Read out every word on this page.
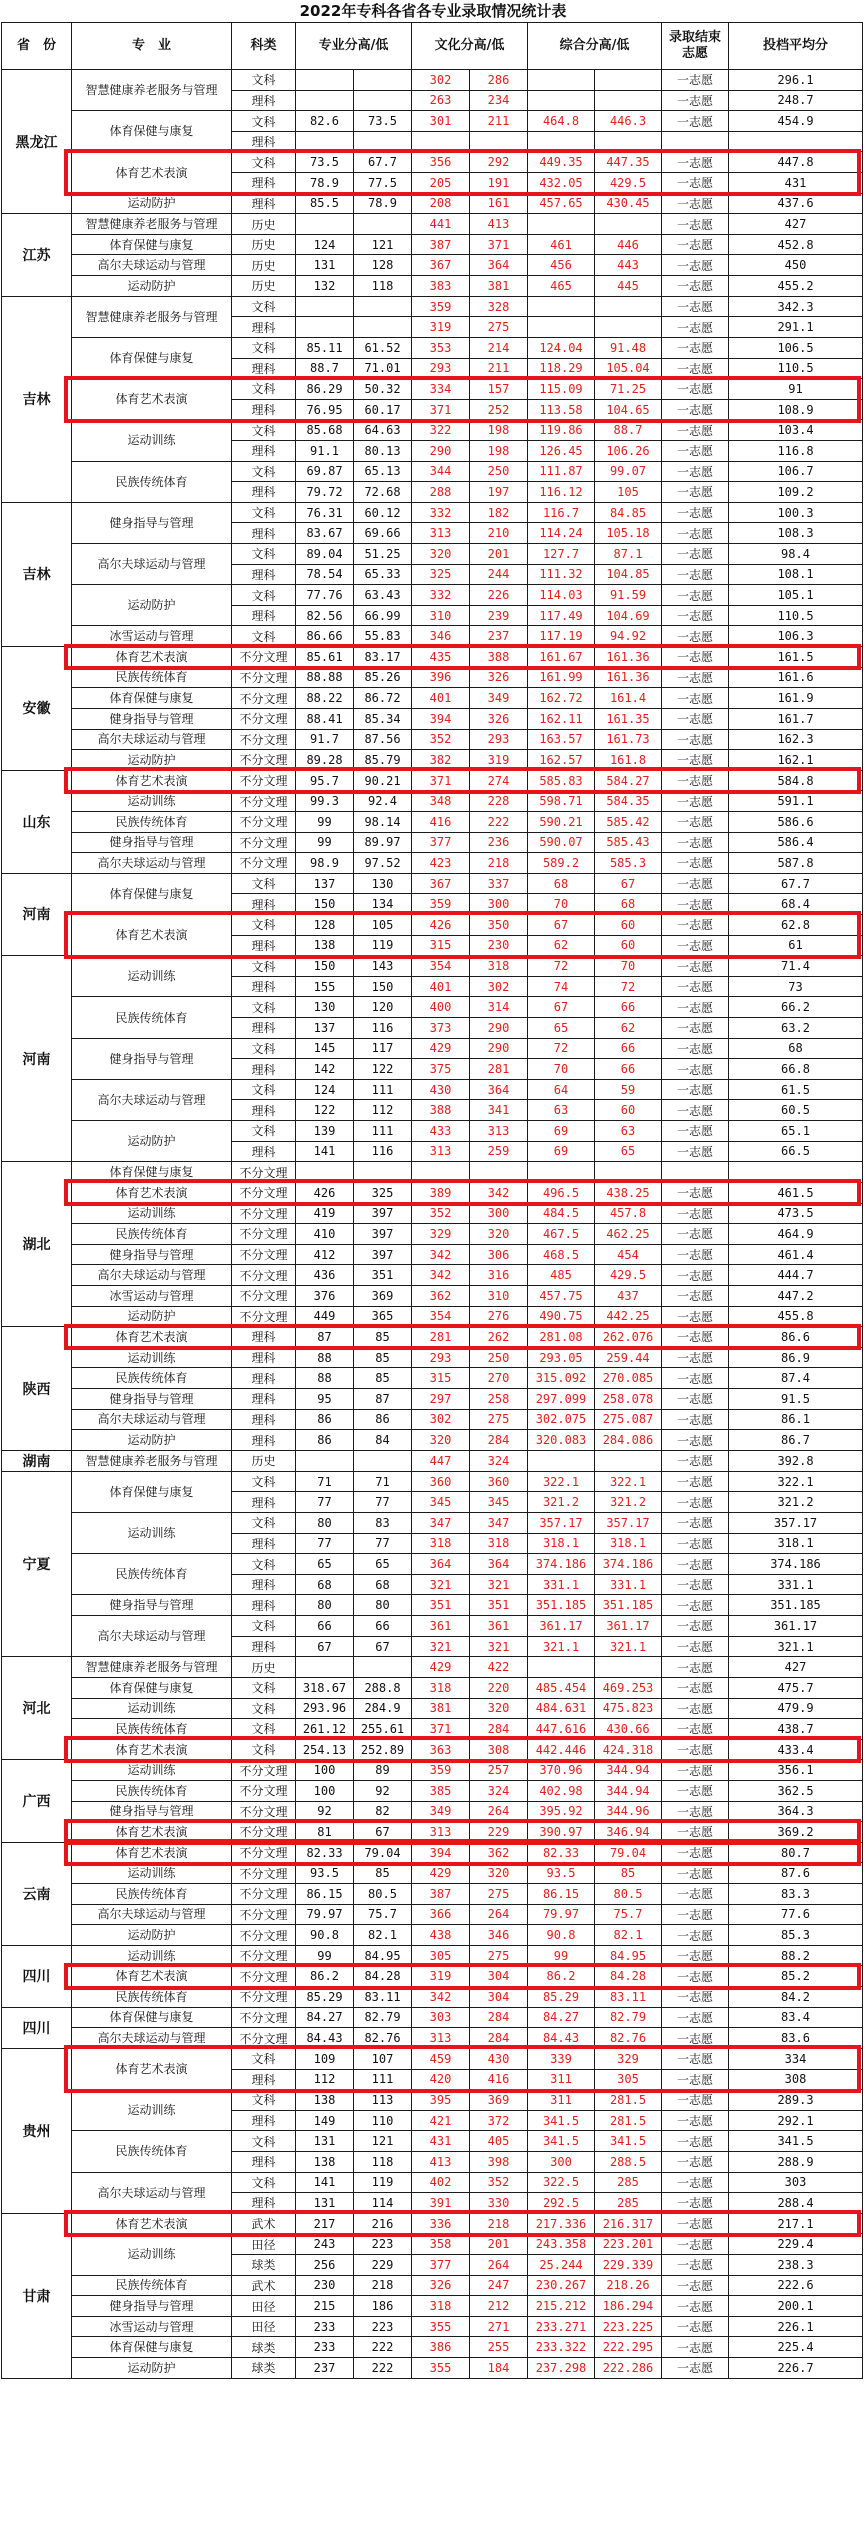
2022年专科各省各专业录取情况统计表
省　份	专　业	科类	专业分高/低		文化分高/低		综合分高/低		录取结束志愿	投档平均分
黑龙江	智慧健康养老服务与管理	文科			302	286			一志愿	296.1
		理科			263	234			一志愿	248.7
	体育保健与康复	文科	82.6	73.5	301	211	464.8	446.3	一志愿	454.9
		理科								
	体育艺术表演	文科	73.5	67.7	356	292	449.35	447.35	一志愿	447.8
		理科	78.9	77.5	205	191	432.05	429.5	一志愿	431
	运动防护	理科	85.5	78.9	208	161	457.65	430.45	一志愿	437.6
江苏	智慧健康养老服务与管理	历史			441	413			一志愿	427
	体育保健与康复	历史	124	121	387	371	461	446	一志愿	452.8
	高尔夫球运动与管理	历史	131	128	367	364	456	443	一志愿	450
	运动防护	历史	132	118	383	381	465	445	一志愿	455.2
吉林	智慧健康养老服务与管理	文科			359	328			一志愿	342.3
		理科			319	275			一志愿	291.1
	体育保健与康复	文科	85.11	61.52	353	214	124.04	91.48	一志愿	106.5
		理科	88.7	71.01	293	211	118.29	105.04	一志愿	110.5
	体育艺术表演	文科	86.29	50.32	334	157	115.09	71.25	一志愿	91
		理科	76.95	60.17	371	252	113.58	104.65	一志愿	108.9
	运动训练	文科	85.68	64.63	322	198	119.86	88.7	一志愿	103.4
		理科	91.1	80.13	290	198	126.45	106.26	一志愿	116.8
	民族传统体育	文科	69.87	65.13	344	250	111.87	99.07	一志愿	106.7
		理科	79.72	72.68	288	197	116.12	105	一志愿	109.2
吉林	健身指导与管理	文科	76.31	60.12	332	182	116.7	84.85	一志愿	100.3
		理科	83.67	69.66	313	210	114.24	105.18	一志愿	108.3
	高尔夫球运动与管理	文科	89.04	51.25	320	201	127.7	87.1	一志愿	98.4
		理科	78.54	65.33	325	244	111.32	104.85	一志愿	108.1
	运动防护	文科	77.76	63.43	332	226	114.03	91.59	一志愿	105.1
		理科	82.56	66.99	310	239	117.49	104.69	一志愿	110.5
	冰雪运动与管理	文科	86.66	55.83	346	237	117.19	94.92	一志愿	106.3
安徽	体育艺术表演	不分文理	85.61	83.17	435	388	161.67	161.36	一志愿	161.5
	民族传统体育	不分文理	88.88	85.26	396	326	161.99	161.36	一志愿	161.6
	体育保健与康复	不分文理	88.22	86.72	401	349	162.72	161.4	一志愿	161.9
	健身指导与管理	不分文理	88.41	85.34	394	326	162.11	161.35	一志愿	161.7
	高尔夫球运动与管理	不分文理	91.7	87.56	352	293	163.57	161.73	一志愿	162.3
	运动防护	不分文理	89.28	85.79	382	319	162.57	161.8	一志愿	162.1
山东	体育艺术表演	不分文理	95.7	90.21	371	274	585.83	584.27	一志愿	584.8
	运动训练	不分文理	99.3	92.4	348	228	598.71	584.35	一志愿	591.1
	民族传统体育	不分文理	99	98.14	416	222	590.21	585.42	一志愿	586.6
	健身指导与管理	不分文理	99	89.97	377	236	590.07	585.43	一志愿	586.4
	高尔夫球运动与管理	不分文理	98.9	97.52	423	218	589.2	585.3	一志愿	587.8
河南	体育保健与康复	文科	137	130	367	337	68	67	一志愿	67.7
		理科	150	134	359	300	70	68	一志愿	68.4
	体育艺术表演	文科	128	105	426	350	67	60	一志愿	62.8
		理科	138	119	315	230	62	60	一志愿	61
河南	运动训练	文科	150	143	354	318	72	70	一志愿	71.4
		理科	155	150	401	302	74	72	一志愿	73
	民族传统体育	文科	130	120	400	314	67	66	一志愿	66.2
		理科	137	116	373	290	65	62	一志愿	63.2
	健身指导与管理	文科	145	117	429	290	72	66	一志愿	68
		理科	142	122	375	281	70	66	一志愿	66.8
	高尔夫球运动与管理	文科	124	111	430	364	64	59	一志愿	61.5
		理科	122	112	388	341	63	60	一志愿	60.5
	运动防护	文科	139	111	433	313	69	63	一志愿	65.1
		理科	141	116	313	259	69	65	一志愿	66.5
湖北	体育保健与康复	不分文理								
	体育艺术表演	不分文理	426	325	389	342	496.5	438.25	一志愿	461.5
	运动训练	不分文理	419	397	352	300	484.5	457.8	一志愿	473.5
	民族传统体育	不分文理	410	397	329	320	467.5	462.25	一志愿	464.9
	健身指导与管理	不分文理	412	397	342	306	468.5	454	一志愿	461.4
	高尔夫球运动与管理	不分文理	436	351	342	316	485	429.5	一志愿	444.7
	冰雪运动与管理	不分文理	376	369	362	310	457.75	437	一志愿	447.2
	运动防护	不分文理	449	365	354	276	490.75	442.25	一志愿	455.8
陕西	体育艺术表演	理科	87	85	281	262	281.08	262.076	一志愿	86.6
	运动训练	理科	88	85	293	250	293.05	259.44	一志愿	86.9
	民族传统体育	理科	88	85	315	270	315.092	270.085	一志愿	87.4
	健身指导与管理	理科	95	87	297	258	297.099	258.078	一志愿	91.5
	高尔夫球运动与管理	理科	86	86	302	275	302.075	275.087	一志愿	86.1
	运动防护	理科	86	84	320	284	320.083	284.086	一志愿	86.7
湖南	智慧健康养老服务与管理	历史			447	324			一志愿	392.8
宁夏	体育保健与康复	文科	71	71	360	360	322.1	322.1	一志愿	322.1
		理科	77	77	345	345	321.2	321.2	一志愿	321.2
	运动训练	文科	80	83	347	347	357.17	357.17	一志愿	357.17
		理科	77	77	318	318	318.1	318.1	一志愿	318.1
	民族传统体育	文科	65	65	364	364	374.186	374.186	一志愿	374.186
		理科	68	68	321	321	331.1	331.1	一志愿	331.1
	健身指导与管理	理科	80	80	351	351	351.185	351.185	一志愿	351.185
	高尔夫球运动与管理	文科	66	66	361	361	361.17	361.17	一志愿	361.17
		理科	67	67	321	321	321.1	321.1	一志愿	321.1
河北	智慧健康养老服务与管理	历史			429	422			一志愿	427
	体育保健与康复	文科	318.67	288.8	318	220	485.454	469.253	一志愿	475.7
	运动训练	文科	293.96	284.9	381	320	484.631	475.823	一志愿	479.9
	民族传统体育	文科	261.12	255.61	371	284	447.616	430.66	一志愿	438.7
	体育艺术表演	文科	254.13	252.89	363	308	442.446	424.318	一志愿	433.4
广西	运动训练	不分文理	100	89	359	257	370.96	344.94	一志愿	356.1
	民族传统体育	不分文理	100	92	385	324	402.98	344.94	一志愿	362.5
	健身指导与管理	不分文理	92	82	349	264	395.92	344.96	一志愿	364.3
	体育艺术表演	不分文理	81	67	313	229	390.97	346.94	一志愿	369.2
云南	体育艺术表演	不分文理	82.33	79.04	394	362	82.33	79.04	一志愿	80.7
	运动训练	不分文理	93.5	85	429	320	93.5	85	一志愿	87.6
	民族传统体育	不分文理	86.15	80.5	387	275	86.15	80.5	一志愿	83.3
	高尔夫球运动与管理	不分文理	79.97	75.7	366	264	79.97	75.7	一志愿	77.6
	运动防护	不分文理	90.8	82.1	438	346	90.8	82.1	一志愿	85.3
四川	运动训练	不分文理	99	84.95	305	275	99	84.95	一志愿	88.2
	体育艺术表演	不分文理	86.2	84.28	319	304	86.2	84.28	一志愿	85.2
	民族传统体育	不分文理	85.29	83.11	342	304	85.29	83.11	一志愿	84.2
四川	体育保健与康复	不分文理	84.27	82.79	303	284	84.27	82.79	一志愿	83.4
	高尔夫球运动与管理	不分文理	84.43	82.76	313	284	84.43	82.76	一志愿	83.6
贵州	体育艺术表演	文科	109	107	459	430	339	329	一志愿	334
		理科	112	111	420	416	311	305	一志愿	308
	运动训练	文科	138	113	395	369	311	281.5	一志愿	289.3
		理科	149	110	421	372	341.5	281.5	一志愿	292.1
	民族传统体育	文科	131	121	431	405	341.5	341.5	一志愿	341.5
		理科	138	118	413	398	300	288.5	一志愿	288.9
	高尔夫球运动与管理	文科	141	119	402	352	322.5	285	一志愿	303
		理科	131	114	391	330	292.5	285	一志愿	288.4
甘肃	体育艺术表演	武术	217	216	336	218	217.336	216.317	一志愿	217.1
	运动训练	田径	243	223	358	201	243.358	223.201	一志愿	229.4
		球类	256	229	377	264	25.244	229.339	一志愿	238.3
	民族传统体育	武术	230	218	326	247	230.267	218.26	一志愿	222.6
	健身指导与管理	田径	215	186	318	212	215.212	186.294	一志愿	200.1
	冰雪运动与管理	田径	233	223	355	271	233.271	223.225	一志愿	226.1
	体育保健与康复	球类	233	222	386	255	233.322	222.295	一志愿	225.4
	运动防护	球类	237	222	355	184	237.298	222.286	一志愿	226.7
